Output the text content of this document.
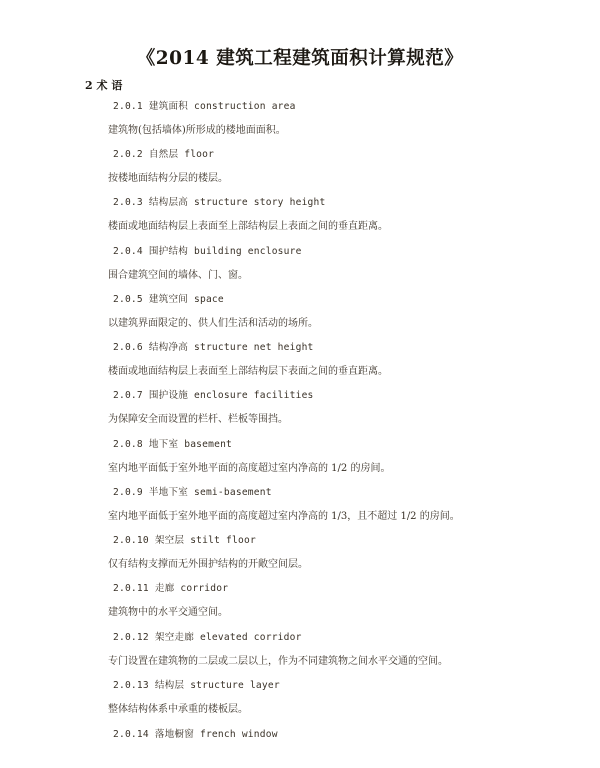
《2014 建筑工程建筑面积计算规范》
2 术 语
2.0.1 建筑面积 construction area
建筑物(包括墙体)所形成的楼地面面积。
2.0.2 自然层 floor
按楼地面结构分层的楼层。
2.0.3 结构层高 structure story height
楼面或地面结构层上表面至上部结构层上表面之间的垂直距离。
2.0.4 围护结构 building enclosure
围合建筑空间的墙体、门、窗。
2.0.5 建筑空间 space
以建筑界面限定的、供人们生活和活动的场所。
2.0.6 结构净高 structure net height
楼面或地面结构层上表面至上部结构层下表面之间的垂直距离。
2.0.7 围护设施 enclosure facilities
为保障安全而设置的栏杆、栏板等围挡。
2.0.8 地下室 basement
室内地平面低于室外地平面的高度超过室内净高的 1/2 的房间。
2.0.9 半地下室 semi-basement
室内地平面低于室外地平面的高度超过室内净高的 1/3，且不超过 1/2 的房间。
2.0.10 架空层 stilt floor
仅有结构支撑而无外围护结构的开敞空间层。
2.0.11 走廊 corridor
建筑物中的水平交通空间。
2.0.12 架空走廊 elevated corridor
专门设置在建筑物的二层或二层以上，作为不同建筑物之间水平交通的空间。
2.0.13 结构层 structure layer
整体结构体系中承重的楼板层。
2.0.14 落地橱窗 french window
